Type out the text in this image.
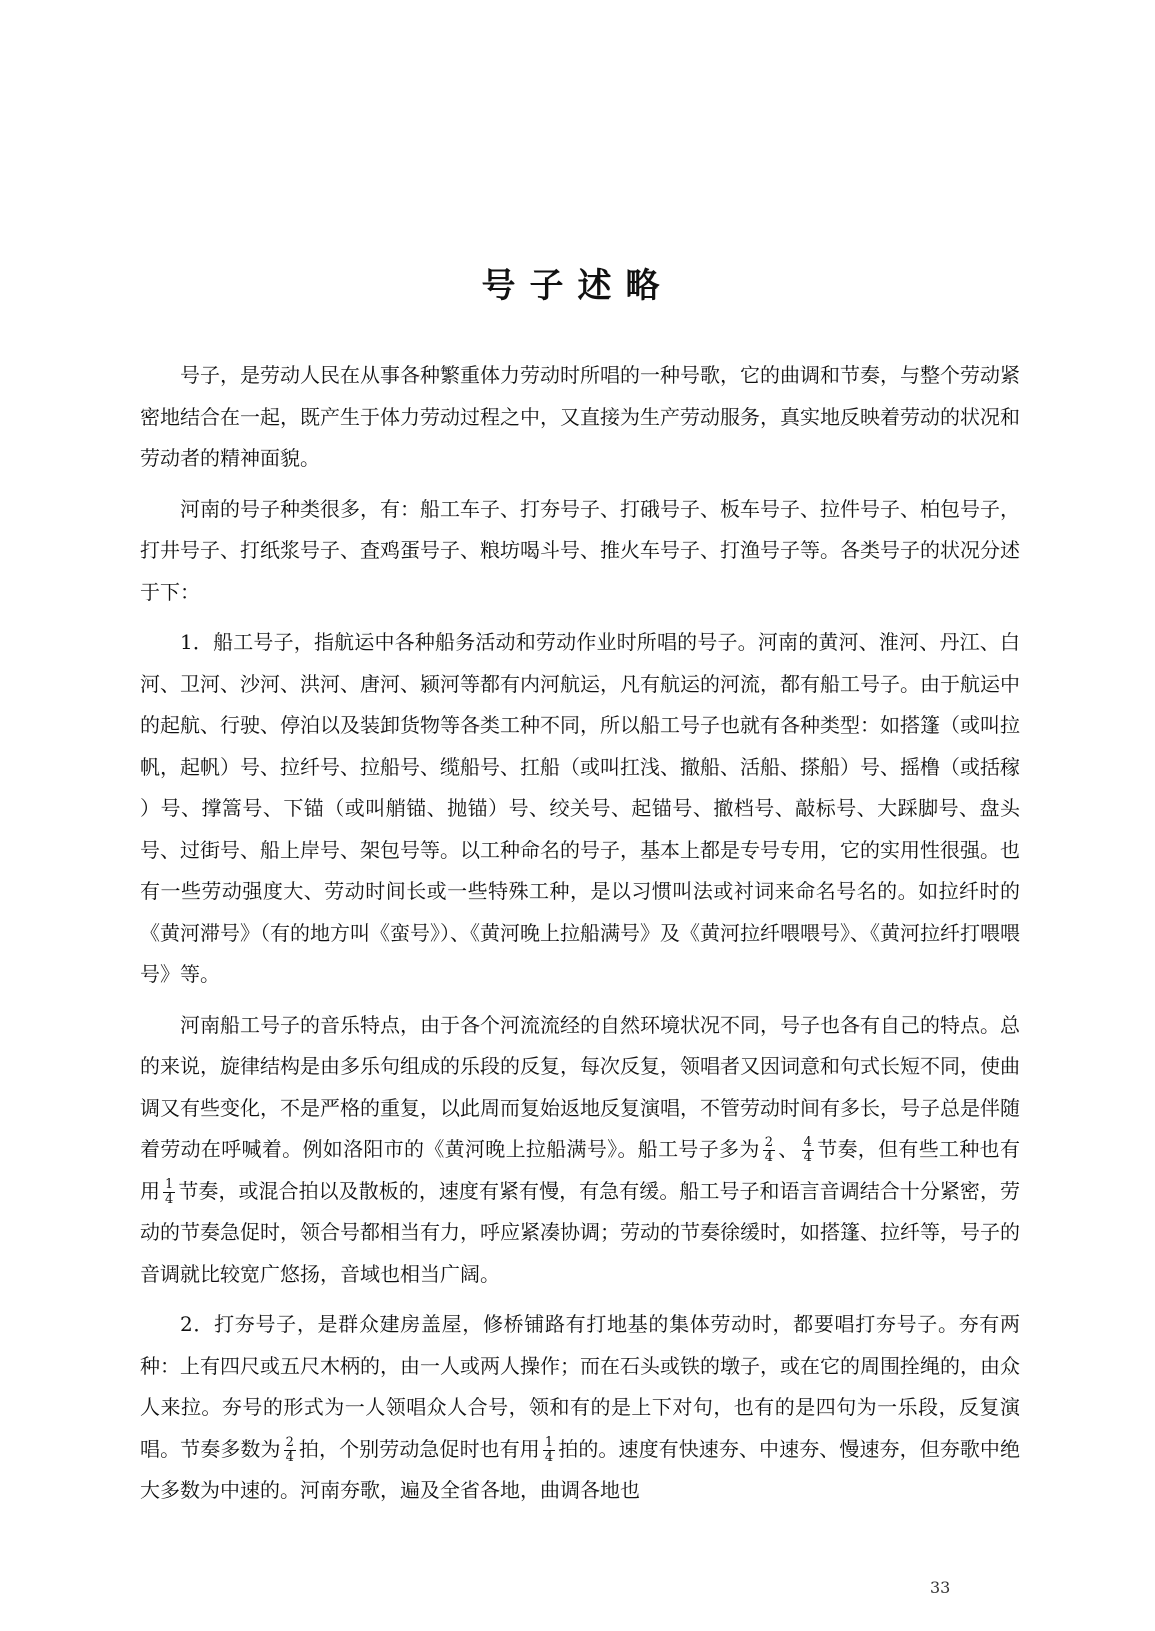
号子述略

号子，是劳动人民在从事各种繁重体力劳动时所唱的一种号歌，它的曲调和节奏，与整个劳动紧密地结合在一起，既产生于体力劳动过程之中，又直接为生产劳动服务，真实地反映着劳动的状况和劳动者的精神面貌。

河南的号子种类很多，有：船工车子、打夯号子、打硪号子、板车号子、拉件号子、柏包号子，打井号子、打纸浆号子、査鸡蛋号子、粮坊喝斗号、推火车号子、打渔号子等。各类号子的状况分述于下：

1．船工号子，指航运中各种船务活动和劳动作业时所唱的号子。河南的黄河、淮河、丹江、白河、卫河、沙河、洪河、唐河、颍河等都有内河航运，凡有航运的河流，都有船工号子。由于航运中的起航、行驶、停泊以及装卸货物等各类工种不同，所以船工号子也就有各种类型：如搭篷（或叫拉帆，起帆）号、拉纤号、拉船号、缆船号、扛船（或叫扛浅、撤船、活船、搽船）号、摇橹（或括稼 ）号、撑篙号、下锚（或叫艄锚、抛锚）号、绞关号、起锚号、撤档号、敲标号、大踩脚号、盘头号、过街号、船上岸号、架包号等。以工种命名的号子，基本上都是专号专用，它的实用性很强。也有一些劳动强度大、劳动时间长或一些特殊工种，是以习惯叫法或衬词来命名号名的。如拉纤时的《黄河滞号》（有的地方叫《蛮号》）、《黄河晚上拉船满号》及《黄河拉纤喂喂号》、《黄河拉纤打喂喂号》等。

河南船工号子的音乐特点，由于各个河流流经的自然环境状况不同，号子也各有自己的特点。总的来说，旋律结构是由多乐句组成的乐段的反复，每次反复，领唱者又因词意和句式长短不同，使曲调又有些变化，不是严格的重复，以此周而复始返地反复演唱，不管劳动时间有多长，号子总是伴随着劳动在呼喊着。例如洛阳市的《黄河晚上拉船满号》。船工号子多为 $\frac{2}{4}$ 、 $\frac{4}{4}$ 节奏，但有些工种也有用 $\frac{1}{4}$ 节奏，或混合拍以及散板的，速度有紧有慢，有急有缓。船工号子和语言音调结合十分紧密，劳动的节奏急促时，领合号都相当有力，呼应紧凑协调；劳动的节奏徐缓时，如搭篷、拉纤等，号子的音调就比较宽广悠扬，音域也相当广阔。

2．打夯号子，是群众建房盖屋，修桥铺路有打地基的集体劳动时，都要唱打夯号子。夯有两种：上有四尺或五尺木柄的，由一人或两人操作；而在石头或铁的墩子，或在它的周围拴绳的，由众人来拉。夯号的形式为一人领唱众人合号，领和有的是上下对句，也有的是四句为一乐段，反复演唱。节奏多数为 $\frac{2}{4}$ 拍，个别劳动急促时也有用 $\frac{1}{4}$ 拍的。速度有快速夯、中速夯、慢速夯，但夯歌中绝大多数为中速的。河南夯歌，遍及全省各地，曲调各地也

33
